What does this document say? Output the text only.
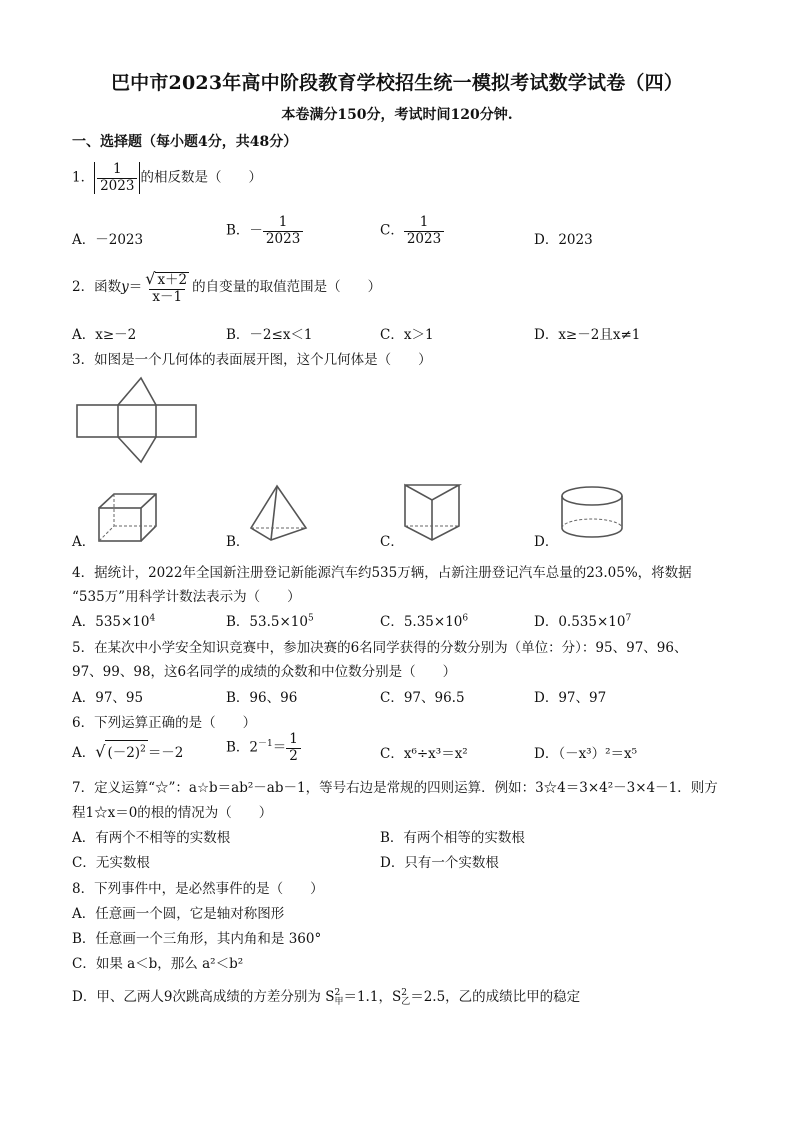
巴中市2023年高中阶段教育学校招生统一模拟考试数学试卷（四）
本卷满分150分，考试时间120分钟.
一、选择题（每小题4分，共48分）
1． $\frac{1}{2023}$ 的相反数是（　　）
A．－2023
B．－ $\frac{1}{2023}$	C． $\frac{1}{2023}$	D．2023
2．函数$y= \frac{√ x+2}{x-1}$ 的自变量的取值范围是（　　）
A．x≥－2	B．－2≤x＜1	C．x＞1	D．x≥－2且x≠1
3．如图是一个几何体的表面展开图，这个几何体是（　　）
A．	B．	C．	D．
4．据统计，2022年全国新注册登记新能源汽车约535万辆，占新注册登记汽车总量的23.05%，将数据
“535万”用科学计数法表示为（　　）
A．$535\times 10^4$	B．$53.5\times 10^5$	C．$5.35\times 10^6$	D．$0.535\times 10^7$
5．在某次中小学安全知识竞赛中，参加决赛的6名同学获得的分数分别为（单位：分）：95、97、96、
97、99、98，这6名同学的成绩的众数和中位数分别是（　　）
A．97、95	B．96、96	C．97、96.5	D．97、97
6．下列运算正确的是（　　）
A．√ $(-2)^2 =-2$	B．$2^{-1}= \frac{1}{2}$	C．x⁶÷x³＝x²	D．（－x³）²＝x⁵
7．定义运算“☆”：a☆b＝ab²－ab－1，等号右边是常规的四则运算．例如：3☆4＝3×4²－3×4－1．则方
程1☆x＝0的根的情况为（　　）
A．有两个不相等的实数根	B．有两个相等的实数根
C．无实数根	D．只有一个实数根
8．下列事件中，是必然事件的是（　　）
A．任意画一个圆，它是轴对称图形
B．任意画一个三角形，其内角和是 360°
C．如果 a＜b，那么 a²＜b²
D．甲、乙两人9次跳高成绩的方差分别为 S 2
甲 ＝1.1，S 2
乙 ＝2.5，乙的成绩比甲的稳定
